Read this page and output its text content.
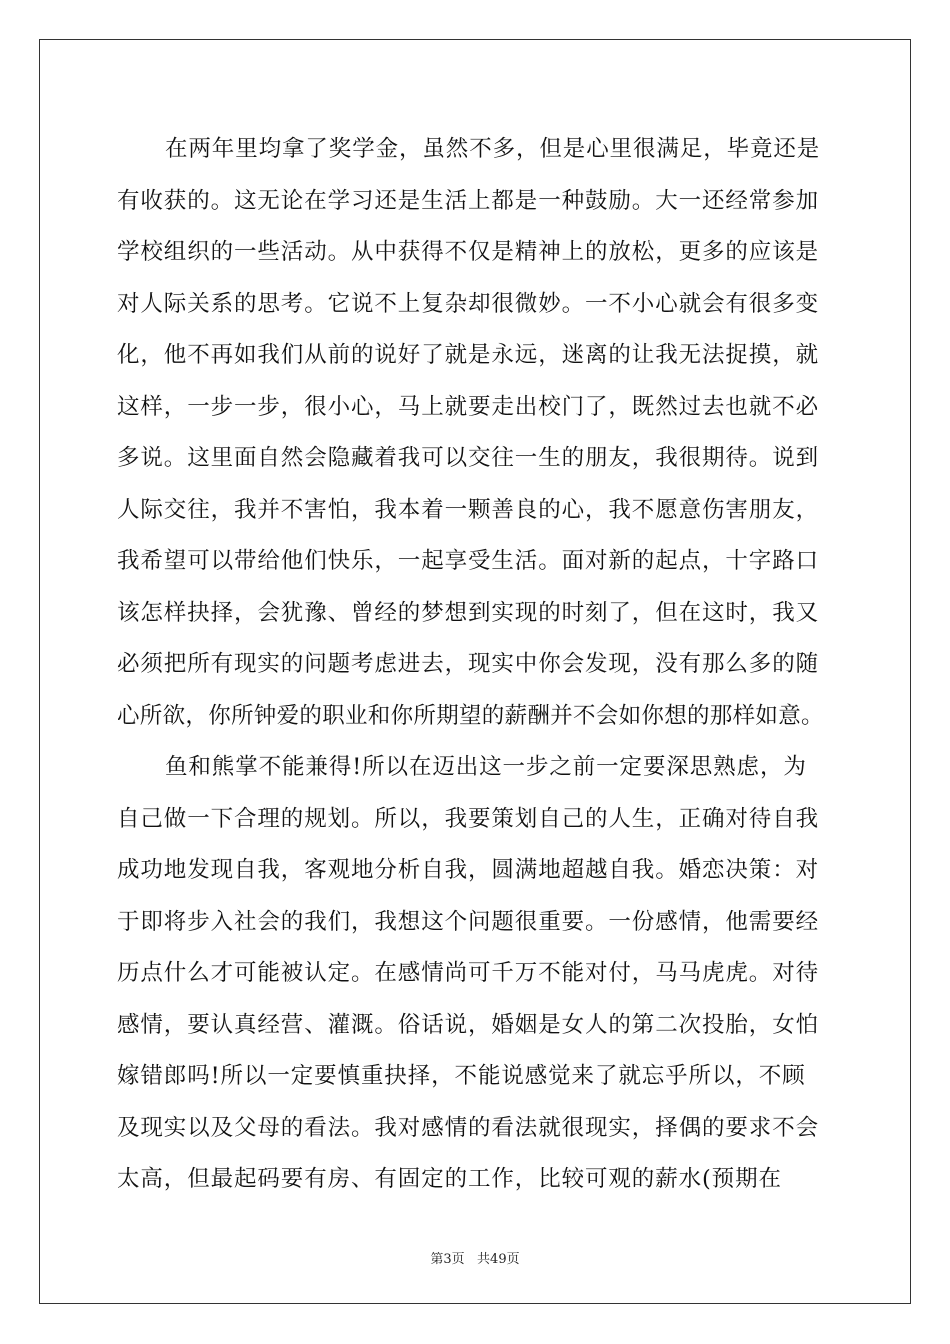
在两年里均拿了奖学金，虽然不多，但是心里很满足，毕竟还是
有收获的。这无论在学习还是生活上都是一种鼓励。大一还经常参加
学校组织的一些活动。从中获得不仅是精神上的放松，更多的应该是
对人际关系的思考。它说不上复杂却很微妙。一不小心就会有很多变
化，他不再如我们从前的说好了就是永远，迷离的让我无法捉摸，就
这样，一步一步，很小心，马上就要走出校门了，既然过去也就不必
多说。这里面自然会隐藏着我可以交往一生的朋友，我很期待。说到
人际交往，我并不害怕，我本着一颗善良的心，我不愿意伤害朋友，
我希望可以带给他们快乐，一起享受生活。面对新的起点，十字路口
该怎样抉择，会犹豫、曾经的梦想到实现的时刻了，但在这时，我又
必须把所有现实的问题考虑进去，现实中你会发现，没有那么多的随
心所欲，你所钟爱的职业和你所期望的薪酬并不会如你想的那样如意。
鱼和熊掌不能兼得!所以在迈出这一步之前一定要深思熟虑，为
自己做一下合理的规划。所以，我要策划自己的人生，正确对待自我
成功地发现自我，客观地分析自我，圆满地超越自我。婚恋决策：对
于即将步入社会的我们，我想这个问题很重要。一份感情，他需要经
历点什么才可能被认定。在感情尚可千万不能对付，马马虎虎。对待
感情，要认真经营、灌溉。俗话说，婚姻是女人的第二次投胎，女怕
嫁错郎吗!所以一定要慎重抉择，不能说感觉来了就忘乎所以，不顾
及现实以及父母的看法。我对感情的看法就很现实，择偶的要求不会
太高，但最起码要有房、有固定的工作，比较可观的薪水(预期在
第3页   共49页
